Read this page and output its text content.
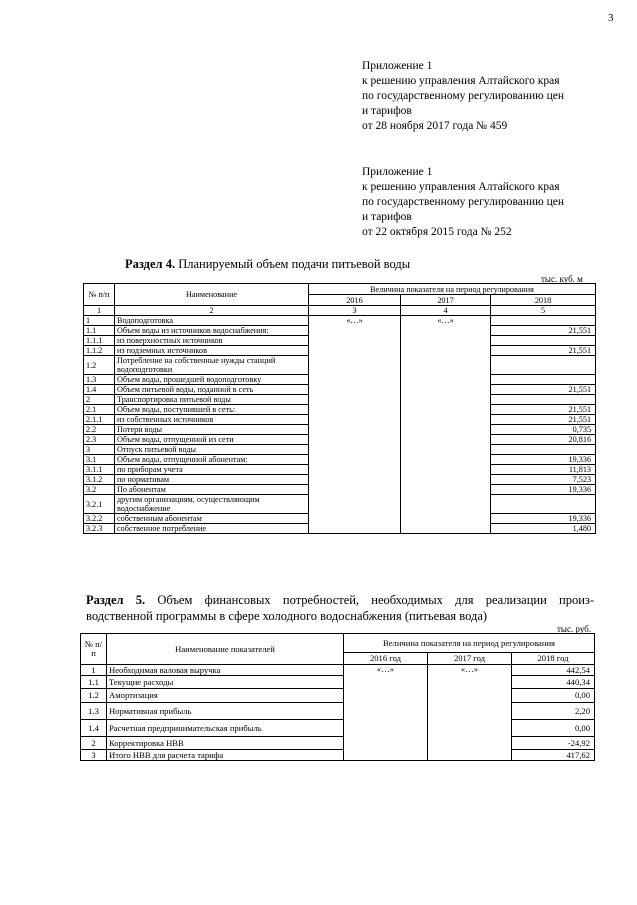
3
Приложение 1
к решению управления Алтайского края
по государственному регулированию цен
и тарифов
от 28 ноября 2017 года № 459
Приложение 1
к решению управления Алтайского края
по государственному регулированию цен
и тарифов
от 22 октября 2015 года № 252
Раздел 4. Планируемый объем подачи питьевой воды
тыс. куб. м
№ п/п	Наименование	Величина показателя на период регулирования		
		2016	2017	2018
1	2	3	4	5
1	Водоподготовка	«…»	«…»	
1.1	Объем воды из источников водоснабжения:			21,551
1.1.1	из поверхностных источников			
1.1.2	из подземных источников			21,551
1.2	Потребление на собственные нужды станций водоподготовки			
1.3	Объем воды, прошедшей водоподготовку			
1.4	Объем питьевой воды, поданной в сеть			21,551
2	Транспортировка питьевой воды			
2.1	Объем воды, поступившей в сеть:			21,551
2.1.1	из собственных источников			21,551
2.2	Потери воды			0,735
2.3	Объем воды, отпущенной из сети			20,816
3	Отпуск питьевой воды			
3.1	Объем воды, отпущенной абонентам:			19,336
3.1.1	по приборам учета			11,813
3.1.2	по нормативам			7,523
3.2	По абонентам			19,336
3.2.1	другим организациям, осуществляющим водоснабжение			
3.2.2	собственным абонентам			19,336
3.2.3	собственное потребление			1,480
Раздел 5. Объем финансовых потребностей, необходимых для реализации произ-
водственной программы в сфере холодного водоснабжения (питьевая вода)
тыс. руб.
№ п/п	Наименование показателей	Величина показателя на период регулирования		
		2016 год	2017 год	2018 год
1	Необходимая валовая выручка	«…»	«…»	442,54
1.1	Текущие расходы			440,34
1.2	Амортизация			0,00
1.3	Нормативная прибыль			2,20
1.4	Расчетная предпринимательская прибыль			0,00
2	Корректировка НВВ			-24,92
3	Итого НВВ для расчета тарифа			417,62
